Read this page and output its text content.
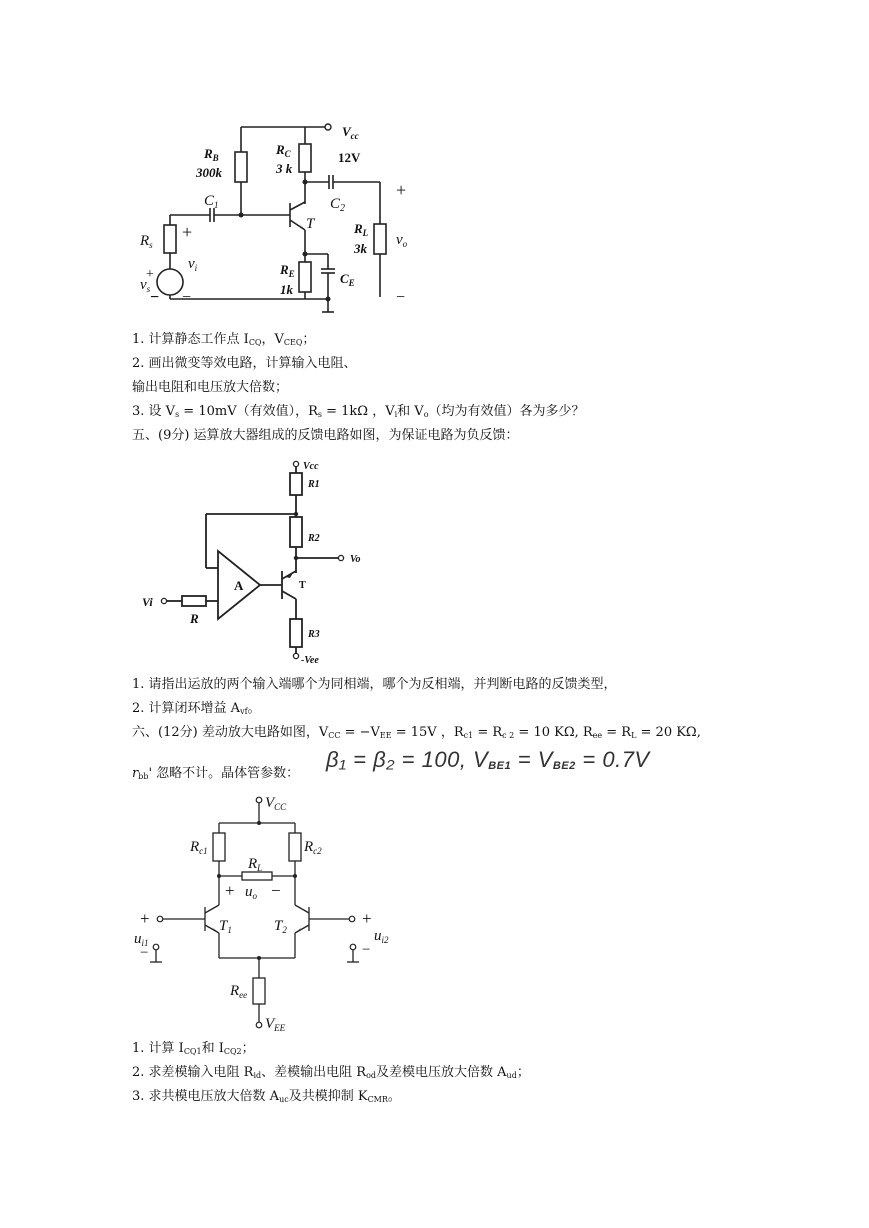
$V_{cc}$
12V
$R_B$
300k
$R_C$
3 k
$C_1$	$C_2$
T
$R_s$
+
$v_i$
−
+
$v_s$ −
$R_E$
1k
$C_E$
$R_L$
3k
+
$v_o$
−
1. 计算静态工作点 $I_{CQ}$，$V_{CEQ}$；
2. 画出微变等效电路，计算输入电阻、
输出电阻和电压放大倍数；
3. 设 $V_s = 10mV$（有效值），$R_s = 1k\Omega$ ，$V_i$和 $V_o$（均为有效值）各为多少？
五、(9分) 运算放大器组成的反馈电路如图，为保证电路为负反馈：
Vcc
R1
R2
Vo
A	T
Vi
R
R3
-Vee
1. 请指出运放的两个输入端哪个为同相端，哪个为反相端，并判断电路的反馈类型，
2. 计算闭环增益 $A_{vf}$。
六、(12分) 差动放大电路如图，$V_{CC} = -V_{EE} = 15V$ ，$R_{c1} = R_{c 2} = 10$ KΩ, $R_{ee} = R_L = 20$ KΩ,
$r_{bb}'$ 忽略不计。晶体管参数：
β₁ = β₂ = 100, $V_{BE1} = V_{BE2} = 0.7V$
$V_{CC}$
$R_{c1}$	$R_{c2}$
$R_L$
+ $u_o$ −
$T_1$	$T_2$
+
$u_{i1}$
−
+
$u_{i2}$
−
$R_{ee}$
$V_{EE}$
1. 计算 $I_{CQ1}$和 $I_{CQ2}$；
2. 求差模输入电阻 $R_{id}$、差模输出电阻 $R_{od}$及差模电压放大倍数 $A_{ud}$；
3. 求共模电压放大倍数 $A_{uc}$及共模抑制 $K_{CMR}$。
